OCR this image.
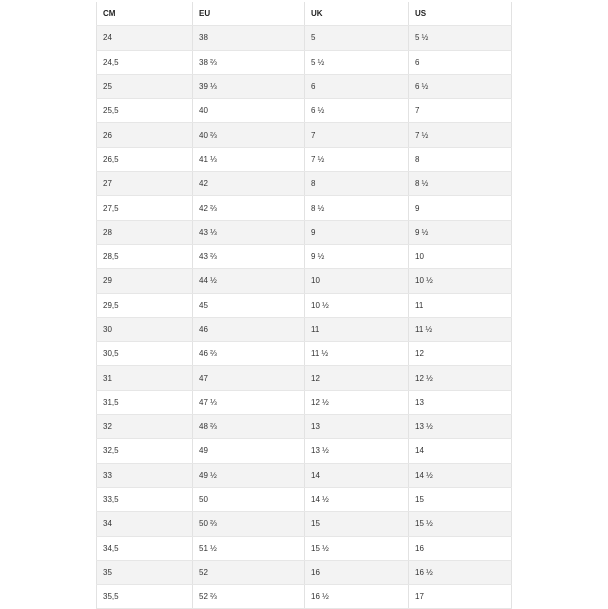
CM	EU	UK	US
24	38	5	5 ½
24,5	38 ⅔	5 ½	6
25	39 ⅓	6	6 ½
25,5	40	6 ½	7
26	40 ⅔	7	7 ½
26,5	41 ⅓	7 ½	8
27	42	8	8 ½
27,5	42 ⅔	8 ½	9
28	43 ⅓	9	9 ½
28,5	43 ⅔	9 ½	10
29	44 ½	10	10 ½
29,5	45	10 ½	11
30	46	11	11 ½
30,5	46 ⅔	11 ½	12
31	47	12	12 ½
31,5	47 ⅓	12 ½	13
32	48 ⅔	13	13 ½
32,5	49	13 ½	14
33	49 ½	14	14 ½
33,5	50	14 ½	15
34	50 ⅔	15	15 ½
34,5	51 ½	15 ½	16
35	52	16	16 ½
35,5	52 ⅔	16 ½	17
